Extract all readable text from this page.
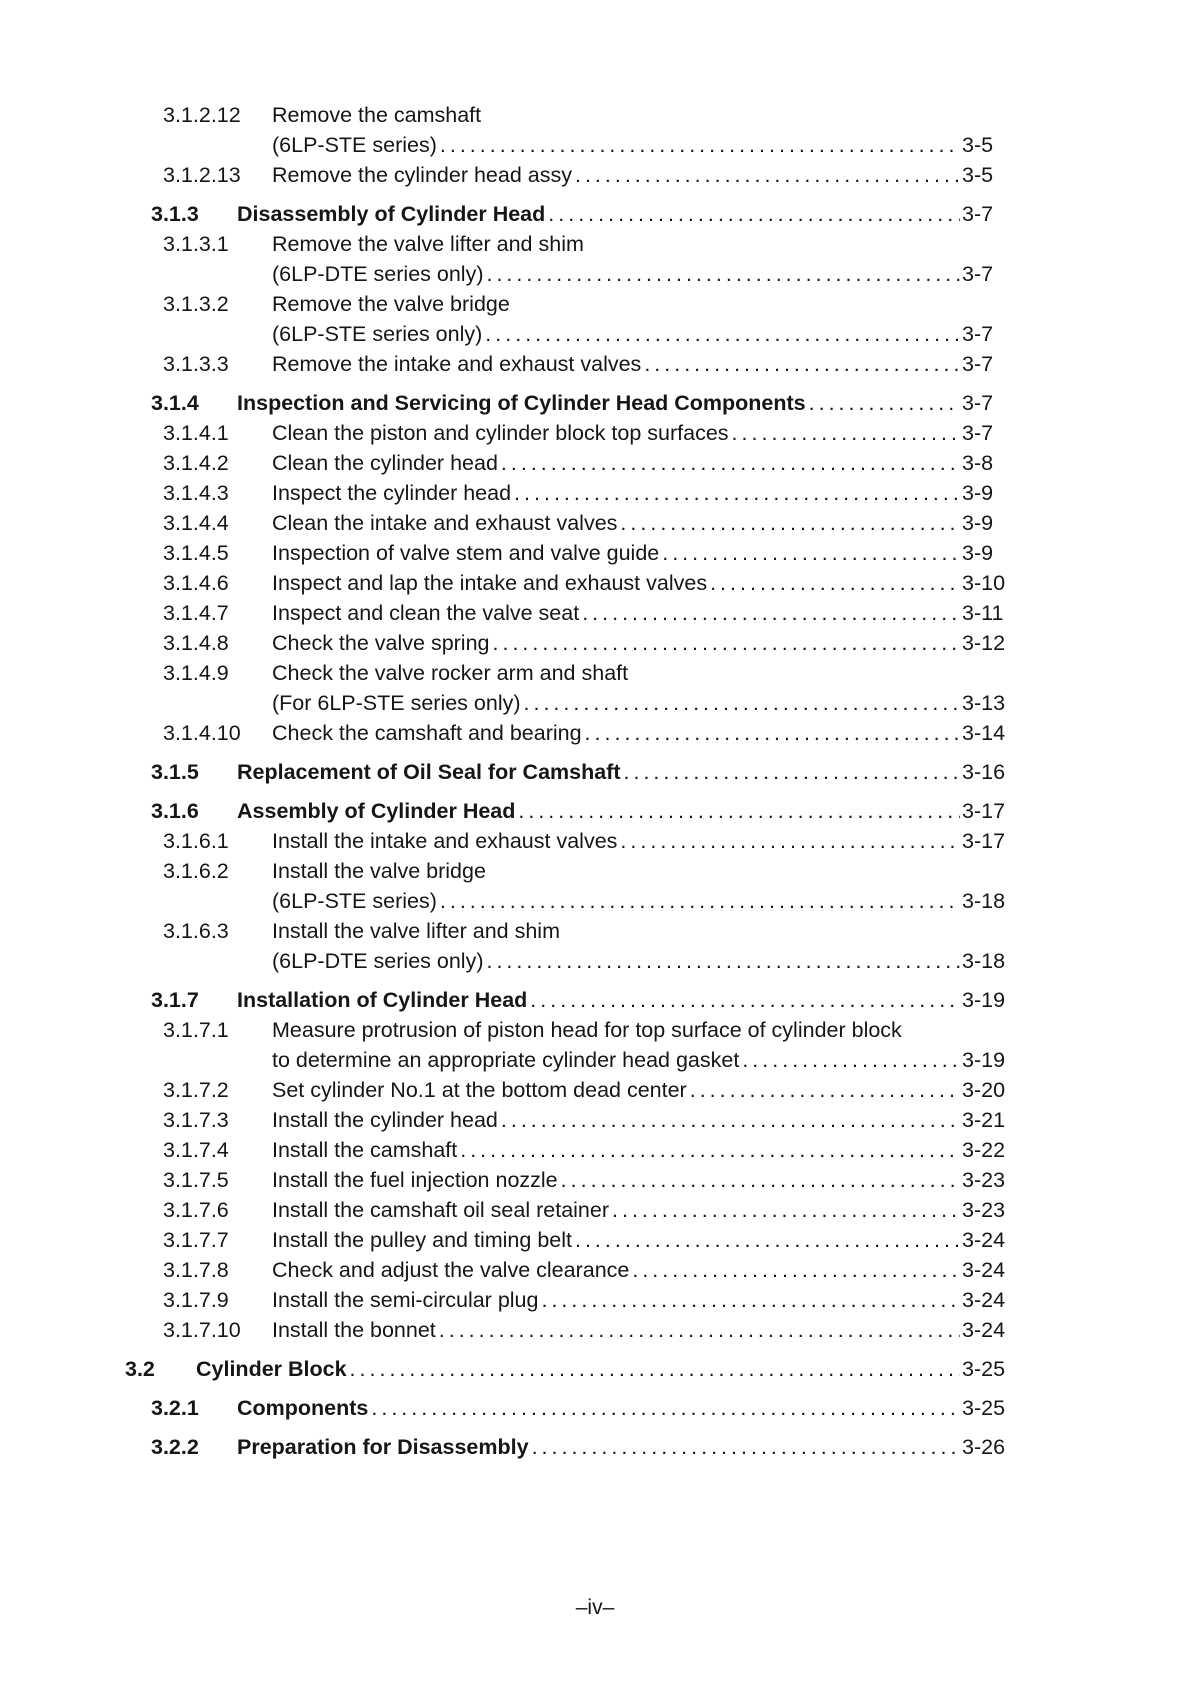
3.1.2.12	Remove the camshaft
(6LP-STE series) .....	3-5
3.1.2.13	Remove the cylinder head assy .....	3-5
3.1.3	Disassembly of Cylinder Head .....	3-7
3.1.3.1	Remove the valve lifter and shim
(6LP-DTE series only) .....	3-7
3.1.3.2	Remove the valve bridge
(6LP-STE series only) .....	3-7
3.1.3.3	Remove the intake and exhaust valves .....	3-7
3.1.4	Inspection and Servicing of Cylinder Head Components .....	3-7
3.1.4.1	Clean the piston and cylinder block top surfaces .....	3-7
3.1.4.2	Clean the cylinder head .....	3-8
3.1.4.3	Inspect the cylinder head .....	3-9
3.1.4.4	Clean the intake and exhaust valves .....	3-9
3.1.4.5	Inspection of valve stem and valve guide .....	3-9
3.1.4.6	Inspect and lap the intake and exhaust valves .....	3-10
3.1.4.7	Inspect and clean the valve seat .....	3-11
3.1.4.8	Check the valve spring .....	3-12
3.1.4.9	Check the valve rocker arm and shaft
(For 6LP-STE series only) .....	3-13
3.1.4.10	Check the camshaft and bearing .....	3-14
3.1.5	Replacement of Oil Seal for Camshaft .....	3-16
3.1.6	Assembly of Cylinder Head .....	3-17
3.1.6.1	Install the intake and exhaust valves .....	3-17
3.1.6.2	Install the valve bridge
(6LP-STE series) .....	3-18
3.1.6.3	Install the valve lifter and shim
(6LP-DTE series only) .....	3-18
3.1.7	Installation of Cylinder Head .....	3-19
3.1.7.1	Measure protrusion of piston head for top surface of cylinder block
to determine an appropriate cylinder head gasket .....	3-19
3.1.7.2	Set cylinder No.1 at the bottom dead center .....	3-20
3.1.7.3	Install the cylinder head .....	3-21
3.1.7.4	Install the camshaft .....	3-22
3.1.7.5	Install the fuel injection nozzle .....	3-23
3.1.7.6	Install the camshaft oil seal retainer .....	3-23
3.1.7.7	Install the pulley and timing belt .....	3-24
3.1.7.8	Check and adjust the valve clearance .....	3-24
3.1.7.9	Install the semi-circular plug .....	3-24
3.1.7.10	Install the bonnet .....	3-24
3.2	Cylinder Block .....	3-25
3.2.1	Components .....	3-25
3.2.2	Preparation for Disassembly .....	3-26
–iv–
